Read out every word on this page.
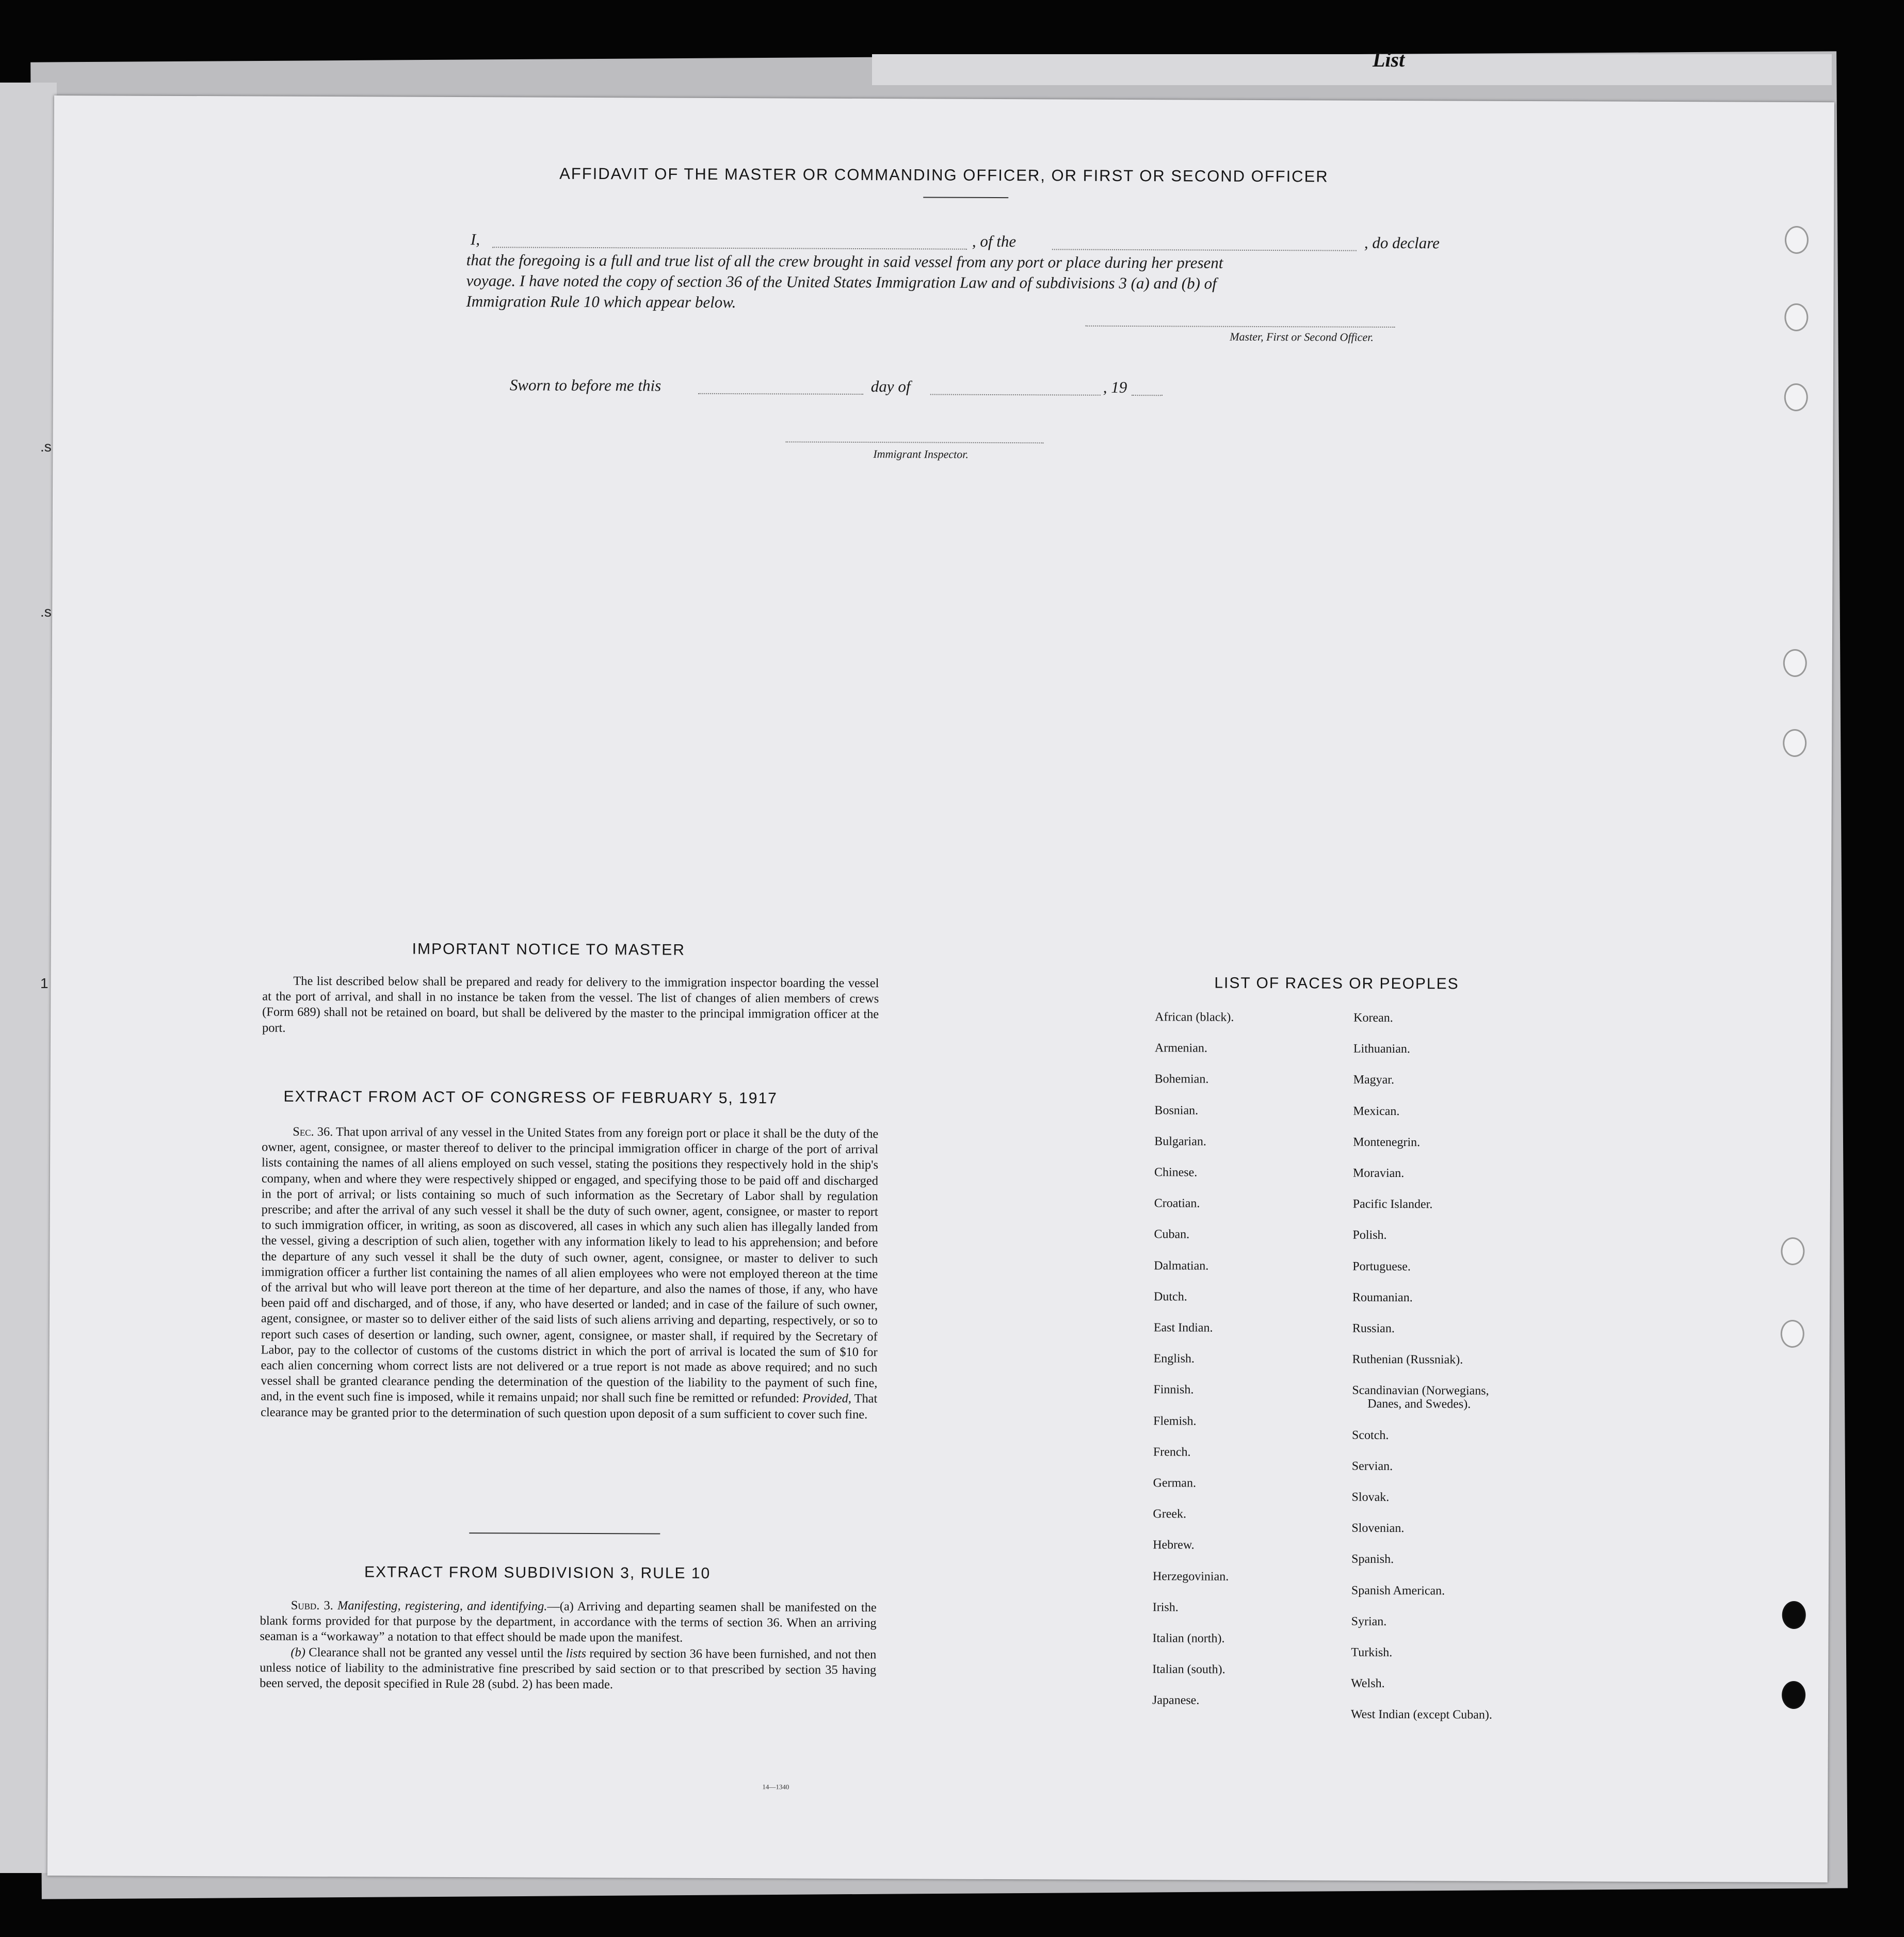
List
.s
.s
1
AFFIDAVIT OF THE MASTER OR COMMANDING OFFICER, OR FIRST OR SECOND OFFICER
I,	, of the	, do declare
that the foregoing is a full and true list of all the crew brought in said vessel from any port or place during her present
voyage. I have noted the copy of section 36 of the United States Immigration Law and of subdivisions 3 (a) and (b) of
Immigration Rule 10 which appear below.
Master, First or Second Officer.
Sworn to before me this	day of	, 19
Immigrant Inspector.
IMPORTANT NOTICE TO MASTER

The list described below shall be prepared and ready for delivery to the immigration inspector boarding the vessel at the port of arrival, and shall in no instance be taken from the vessel. The list of changes of alien members of crews (Form 689) shall not be retained on board, but shall be delivered by the master to the principal immigration officer at the port.

EXTRACT FROM ACT OF CONGRESS OF FEBRUARY 5, 1917

Sec. 36. That upon arrival of any vessel in the United States from any foreign port or place it shall be the duty of the owner, agent, consignee, or master thereof to deliver to the principal immigration officer in charge of the port of arrival lists containing the names of all aliens employed on such vessel, stating the positions they respectively hold in the ship's company, when and where they were respectively shipped or engaged, and specifying those to be paid off and discharged in the port of arrival; or lists containing so much of such information as the Secretary of Labor shall by regulation prescribe; and after the arrival of any such vessel it shall be the duty of such owner, agent, consignee, or master to report to such immigration officer, in writing, as soon as discovered, all cases in which any such alien has illegally landed from the vessel, giving a description of such alien, together with any information likely to lead to his apprehension; and before the departure of any such vessel it shall be the duty of such owner, agent, consignee, or master to deliver to such immigration officer a further list containing the names of all alien employees who were not employed thereon at the time of the arrival but who will leave port thereon at the time of her departure, and also the names of those, if any, who have been paid off and discharged, and of those, if any, who have deserted or landed; and in case of the failure of such owner, agent, consignee, or master so to deliver either of the said lists of such aliens arriving and departing, respectively, or so to report such cases of desertion or landing, such owner, agent, consignee, or master shall, if required by the Secretary of Labor, pay to the collector of customs of the customs district in which the port of arrival is located the sum of $10 for each alien concerning whom correct lists are not delivered or a true report is not made as above required; and no such vessel shall be granted clearance pending the determination of the question of the liability to the payment of such fine, and, in the event such fine is imposed, while it remains unpaid; nor shall such fine be remitted or refunded: Provided, That clearance may be granted prior to the determination of such question upon deposit of a sum sufficient to cover such fine.

EXTRACT FROM SUBDIVISION 3, RULE 10

Subd. 3. Manifesting, registering, and identifying.—(a) Arriving and departing seamen shall be manifested on the blank forms provided for that purpose by the department, in accordance with the terms of section 36. When an arriving seaman is a “workaway” a notation to that effect should be made upon the manifest.

(b) Clearance shall not be granted any vessel until the lists required by section 36 have been furnished, and not then unless notice of liability to the administrative fine prescribed by said section or to that prescribed by section 35 having been served, the deposit specified in Rule 28 (subd. 2) has been made.

14—1340
LIST OF RACES OR PEOPLES
African (black).
Armenian.
Bohemian.
Bosnian.
Bulgarian.
Chinese.
Croatian.
Cuban.
Dalmatian.
Dutch.
East Indian.
English.
Finnish.
Flemish.
French.
German.
Greek.
Hebrew.
Herzegovinian.
Irish.
Italian (north).
Italian (south).
Japanese.
Korean.
Lithuanian.
Magyar.
Mexican.
Montenegrin.
Moravian.
Pacific Islander.
Polish.
Portuguese.
Roumanian.
Russian.
Ruthenian (Russniak).
Scandinavian (Norwegians,
Danes, and Swedes).
Scotch.
Servian.
Slovak.
Slovenian.
Spanish.
Spanish American.
Syrian.
Turkish.
Welsh.
West Indian (except Cuban).
